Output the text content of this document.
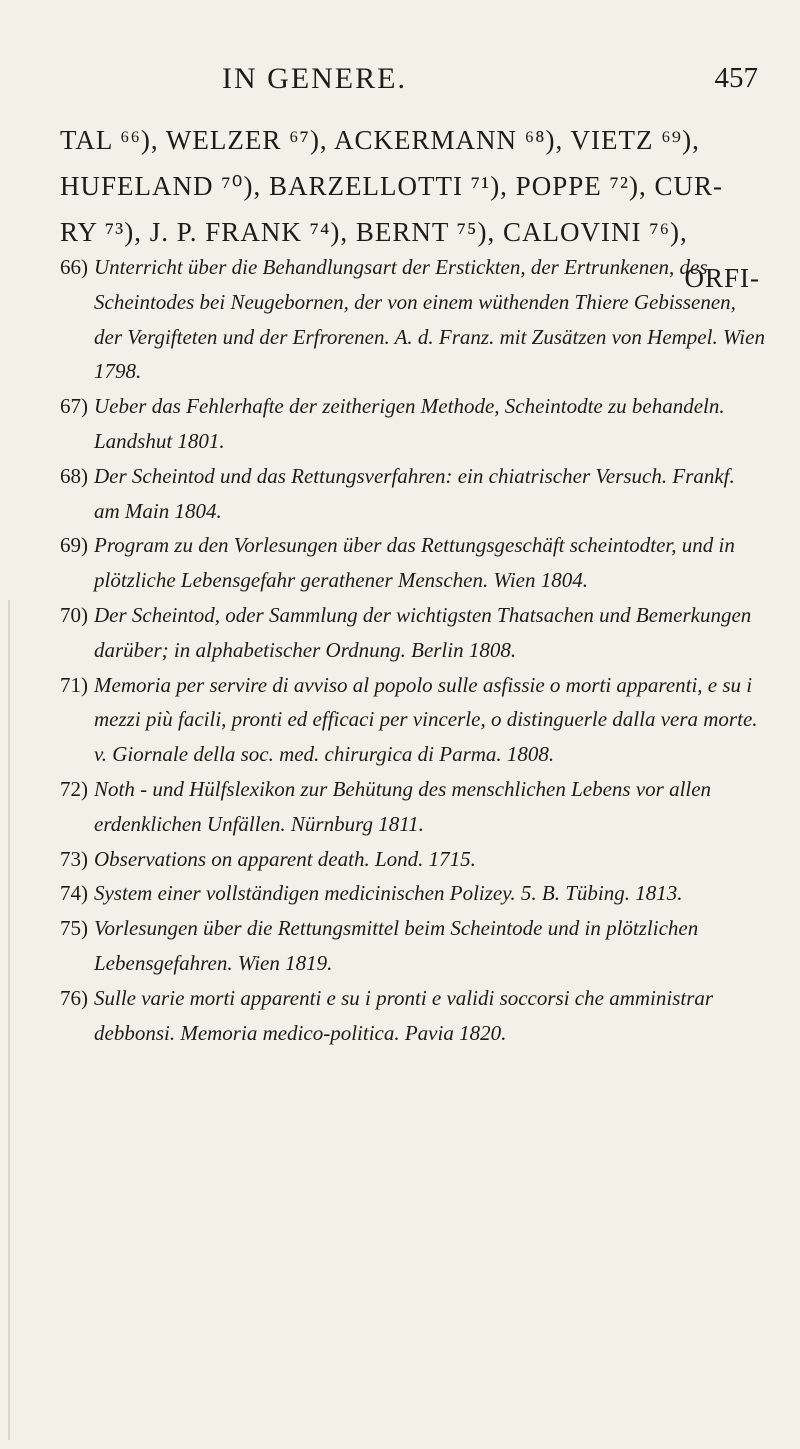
IN GENERE.	457
TAL ⁶⁶), WELZER ⁶⁷), ACKERMANN ⁶⁸), VIETZ ⁶⁹),
HUFELAND ⁷⁰), BARZELLOTTI ⁷¹), POPPE ⁷²), CUR-
RY ⁷³), J. P. FRANK ⁷⁴), BERNT ⁷⁵), CALOVINI ⁷⁶),
ORFI-

66) Unterricht über die Behandlungsart der Erstickten, der Ertrunkenen, des Scheintodes bei Neugebornen, der von einem wüthenden Thiere Gebissenen, der Vergifteten und der Erfrorenen. A. d. Franz. mit Zusätzen von Hempel. Wien 1798.

67) Ueber das Fehlerhafte der zeitherigen Methode, Scheintodte zu behandeln. Landshut 1801.

68) Der Scheintod und das Rettungsverfahren: ein chiatrischer Versuch. Frankf. am Main 1804.

69) Program zu den Vorlesungen über das Rettungsgeschäft scheintodter, und in plötzliche Lebensgefahr gerathener Menschen. Wien 1804.

70) Der Scheintod, oder Sammlung der wichtigsten Thatsachen und Bemerkungen darüber; in alphabetischer Ordnung. Berlin 1808.

71) Memoria per servire di avviso al popolo sulle asfissie o morti apparenti, e su i mezzi più facili, pronti ed efficaci per vincerle, o distinguerle dalla vera morte. v. Giornale della soc. med. chirurgica di Parma. 1808.

72) Noth - und Hülfslexikon zur Behütung des menschlichen Lebens vor allen erdenklichen Unfällen. Nürnburg 1811.

73) Observations on apparent death. Lond. 1715.

74) System einer vollständigen medicinischen Polizey. 5. B. Tübing. 1813.

75) Vorlesungen über die Rettungsmittel beim Scheintode und in plötzlichen Lebensgefahren. Wien 1819.

76) Sulle varie morti apparenti e su i pronti e validi soccorsi che amministrar debbonsi. Memoria medico-politica. Pavia 1820.
